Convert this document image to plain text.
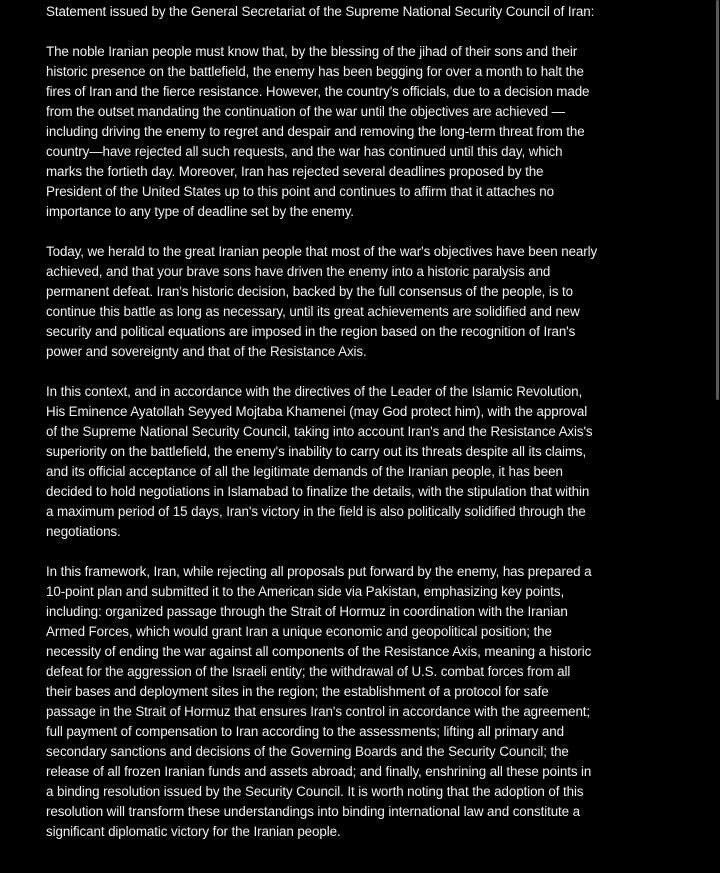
Statement issued by the General Secretariat of the Supreme National Security Council of Iran:

The noble Iranian people must know that, by the blessing of the jihad of their sons and their historic presence on the battlefield, the enemy has been begging for over a month to halt the fires of Iran and the fierce resistance. However, the country's officials, due to a decision made from the outset mandating the continuation of the war until the objectives are achieved —including driving the enemy to regret and despair and removing the long-term threat from the country—have rejected all such requests, and the war has continued until this day, which marks the fortieth day. Moreover, Iran has rejected several deadlines proposed by the President of the United States up to this point and continues to affirm that it attaches no importance to any type of deadline set by the enemy.

Today, we herald to the great Iranian people that most of the war's objectives have been nearly achieved, and that your brave sons have driven the enemy into a historic paralysis and permanent defeat. Iran's historic decision, backed by the full consensus of the people, is to continue this battle as long as necessary, until its great achievements are solidified and new security and political equations are imposed in the region based on the recognition of Iran's power and sovereignty and that of the Resistance Axis.

In this context, and in accordance with the directives of the Leader of the Islamic Revolution, His Eminence Ayatollah Seyyed Mojtaba Khamenei (may God protect him), with the approval of the Supreme National Security Council, taking into account Iran's and the Resistance Axis's superiority on the battlefield, the enemy's inability to carry out its threats despite all its claims, and its official acceptance of all the legitimate demands of the Iranian people, it has been decided to hold negotiations in Islamabad to finalize the details, with the stipulation that within a maximum period of 15 days, Iran's victory in the field is also politically solidified through the negotiations.

In this framework, Iran, while rejecting all proposals put forward by the enemy, has prepared a 10-point plan and submitted it to the American side via Pakistan, emphasizing key points, including: organized passage through the Strait of Hormuz in coordination with the Iranian Armed Forces, which would grant Iran a unique economic and geopolitical position; the necessity of ending the war against all components of the Resistance Axis, meaning a historic defeat for the aggression of the Israeli entity; the withdrawal of U.S. combat forces from all their bases and deployment sites in the region; the establishment of a protocol for safe passage in the Strait of Hormuz that ensures Iran's control in accordance with the agreement; full payment of compensation to Iran according to the assessments; lifting all primary and secondary sanctions and decisions of the Governing Boards and the Security Council; the release of all frozen Iranian funds and assets abroad; and finally, enshrining all these points in a binding resolution issued by the Security Council. It is worth noting that the adoption of this resolution will transform these understandings into binding international law and constitute a significant diplomatic victory for the Iranian people.
